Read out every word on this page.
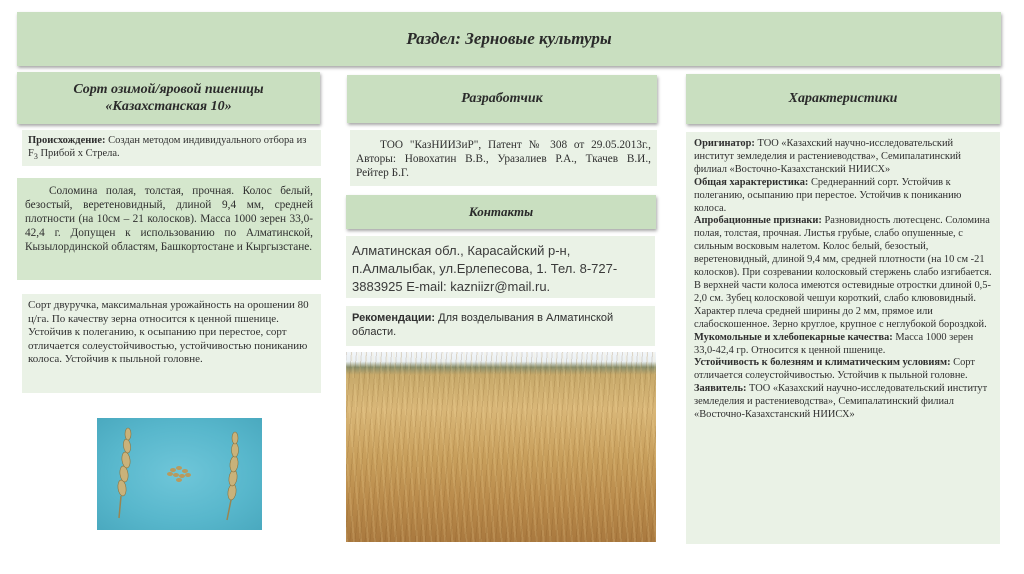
Раздел: Зерновые культуры
Сорт озимой/яровой пшеницы
«Казахстанская 10»
Происхождение: Создан методом индивидуального отбора из $F_3$ Прибой х Стрела.
Соломина полая, толстая, прочная. Колос белый, безостый, веретеновидный, длиной 9,4 мм, средней плотности (на 10см – 21 колосков). Масса 1000 зерен 33,0-42,4 г. Допущен к использованию по Алматинской, Кызылординской областям, Башкортостане и Кыргызстане.
Сорт двуручка, максимальная урожайность на орошении 80 ц/га. По качеству зерна относится к ценной пшенице. Устойчив к полеганию, к осыпанию при перестое, сорт отличается солеустойчивостью, устойчивостью пониканию колоса. Устойчив к пыльной головне.
Разработчик
ТОО "КазНИИЗиР", Патент № 308 от 29.05.2013г., Авторы: Новохатин В.В., Уразалиев Р.А., Ткачев В.И., Рейтер Б.Г.
Контакты
Алматинская обл., Карасайский р-н, п.Алмалыбак, ул.Ерлепесова, 1. Тел. 8-727-3883925 E-mail: kazniizr@mail.ru.
Рекомендации: Для возделывания в Алматинской области.
Характеристики
Оригинатор: ТОО «Казахский научно-исследовательский институт земледелия и растениеводства», Семипалатинский филиал «Восточно-Казахстанский НИИСХ»
Общая характеристика: Среднеранний сорт. Устойчив к полеганию, осыпанию при перестое. Устойчив к пониканию колоса.
Апробационные признаки: Разновидность лютесценс. Соломина полая, толстая, прочная. Листья грубые, слабо опушенные, с сильным восковым налетом. Колос белый, безостый, веретеновидный, длиной 9,4 мм, средней плотности (на 10 см -21 колосков). При созревании колосковый стержень слабо изгибается. В верхней части колоса имеются остевидные отростки длиной 0,5-2,0 см. Зубец колосковой чешуи короткий, слабо клювовидный. Характер плеча средней ширины до 2 мм, прямое или слабоскошенное. Зерно круглое, крупное с неглубокой бороздкой.
Мукомольные и хлебопекарные качества: Масса 1000 зерен 33,0-42,4 гр. Относится к ценной пшенице.
Устойчивость к болезням и климатическим условиям: Сорт отличается солеустойчивостью. Устойчив к пыльной головне.
Заявитель: ТОО «Казахский научно-исследовательский институт земледелия и растениеводства», Семипалатинский филиал «Восточно-Казахстанский НИИСХ»
